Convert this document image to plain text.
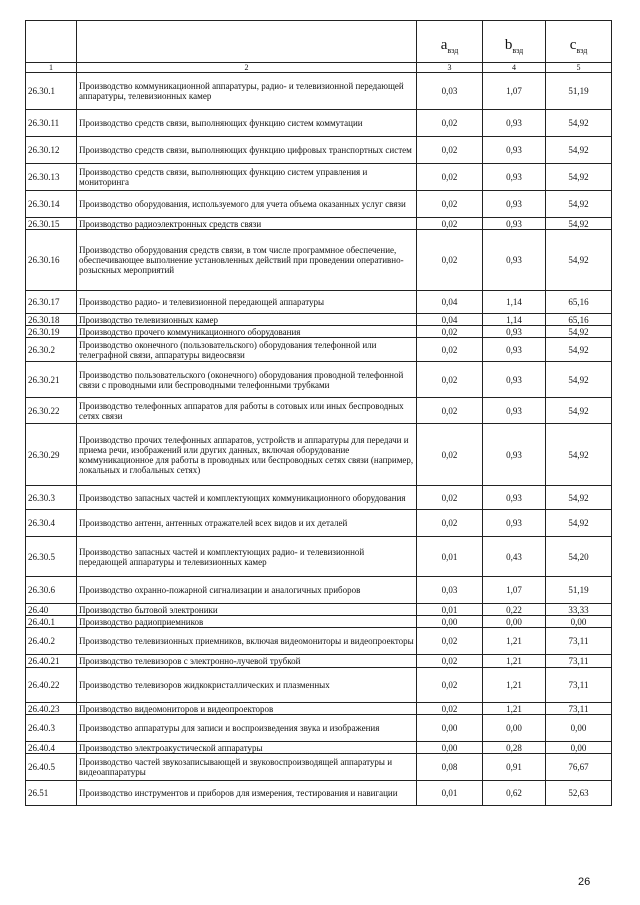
		$a_{вэд}$	$b_{вэд}$	$c_{вэд}$
1	2	3	4	5
26.30.1	Производство коммуникационной аппаратуры, радио- и телевизионной передающей аппаратуры, телевизионных камер	0,03	1,07	51,19
26.30.11	Производство средств связи, выполняющих функцию систем коммутации	0,02	0,93	54,92
26.30.12	Производство средств связи, выполняющих функцию цифровых транспортных систем	0,02	0,93	54,92
26.30.13	Производство средств связи, выполняющих функцию систем управления и мониторинга	0,02	0,93	54,92
26.30.14	Производство оборудования, используемого для учета объема оказанных услуг связи	0,02	0,93	54,92
26.30.15	Производство радиоэлектронных средств связи	0,02	0,93	54,92
26.30.16	Производство оборудования средств связи, в том числе программное обеспечение, обеспечивающее выполнение установленных действий при проведении оперативно-розыскных мероприятий	0,02	0,93	54,92
26.30.17	Производство радио- и телевизионной передающей аппаратуры	0,04	1,14	65,16
26.30.18	Производство телевизионных камер	0,04	1,14	65,16
26.30.19	Производство прочего коммуникационного оборудования	0,02	0,93	54,92
26.30.2	Производство оконечного (пользовательского) оборудования телефонной или телеграфной связи, аппаратуры видеосвязи	0,02	0,93	54,92
26.30.21	Производство пользовательского (оконечного) оборудования проводной телефонной связи с проводными или беспроводными телефонными трубками	0,02	0,93	54,92
26.30.22	Производство телефонных аппаратов для работы в сотовых или иных беспроводных сетях связи	0,02	0,93	54,92
26.30.29	Производство прочих телефонных аппаратов, устройств и аппаратуры для передачи и приема речи, изображений или других данных, включая оборудование коммуникационное для работы в проводных или беспроводных сетях связи (например, локальных и глобальных сетях)	0,02	0,93	54,92
26.30.3	Производство запасных частей и комплектующих коммуникационного оборудования	0,02	0,93	54,92
26.30.4	Производство антенн, антенных отражателей всех видов и их деталей	0,02	0,93	54,92
26.30.5	Производство запасных частей и комплектующих радио- и телевизионной передающей аппаратуры и телевизионных камер	0,01	0,43	54,20
26.30.6	Производство охранно-пожарной сигнализации и аналогичных приборов	0,03	1,07	51,19
26.40	Производство бытовой электроники	0,01	0,22	33,33
26.40.1	Производство радиоприемников	0,00	0,00	0,00
26.40.2	Производство телевизионных приемников, включая видеомониторы и видеопроекторы	0,02	1,21	73,11
26.40.21	Производство телевизоров с электронно-лучевой трубкой	0,02	1,21	73,11
26.40.22	Производство телевизоров жидкокристаллических и плазменных	0,02	1,21	73,11
26.40.23	Производство видеомониторов и видеопроекторов	0,02	1,21	73,11
26.40.3	Производство аппаратуры для записи и воспроизведения звука и изображения	0,00	0,00	0,00
26.40.4	Производство электроакустической аппаратуры	0,00	0,28	0,00
26.40.5	Производство частей звукозаписывающей и звуковоспроизводящей аппаратуры и видеоаппаратуры	0,08	0,91	76,67
26.51	Производство инструментов и приборов для измерения, тестирования и навигации	0,01	0,62	52,63
26
